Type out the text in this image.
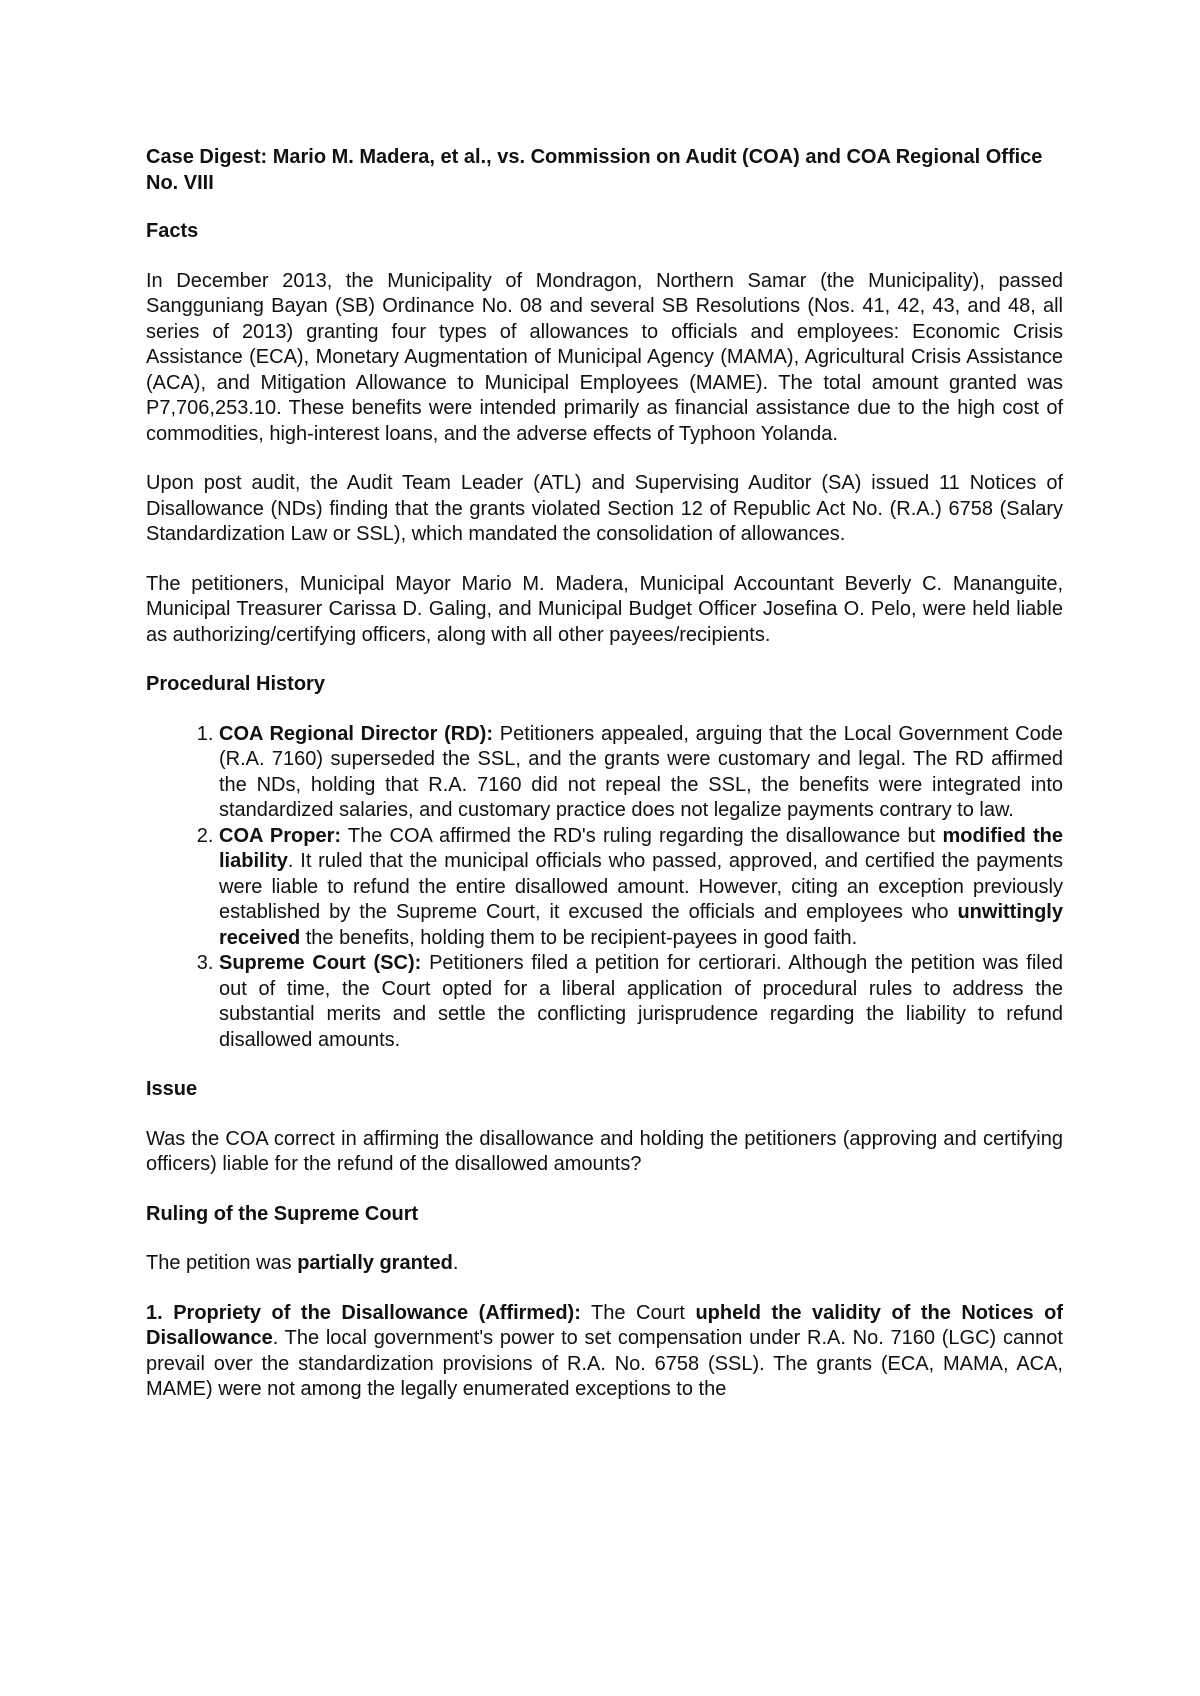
Case Digest: Mario M. Madera, et al., vs. Commission on Audit (COA) and COA Regional Office No. VIII
Facts

In December 2013, the Municipality of Mondragon, Northern Samar (the Municipality), passed Sangguniang Bayan (SB) Ordinance No. 08 and several SB Resolutions (Nos. 41, 42, 43, and 48, all series of 2013) granting four types of allowances to officials and employees: Economic Crisis Assistance (ECA), Monetary Augmentation of Municipal Agency (MAMA), Agricultural Crisis Assistance (ACA), and Mitigation Allowance to Municipal Employees (MAME). The total amount granted was P7,706,253.10. These benefits were intended primarily as financial assistance due to the high cost of commodities, high-interest loans, and the adverse effects of Typhoon Yolanda.

Upon post audit, the Audit Team Leader (ATL) and Supervising Auditor (SA) issued 11 Notices of Disallowance (NDs) finding that the grants violated Section 12 of Republic Act No. (R.A.) 6758 (Salary Standardization Law or SSL), which mandated the consolidation of allowances.

The petitioners, Municipal Mayor Mario M. Madera, Municipal Accountant Beverly C. Mananguite, Municipal Treasurer Carissa D. Galing, and Municipal Budget Officer Josefina O. Pelo, were held liable as authorizing/certifying officers, along with all other payees/recipients.

Procedural History
1. COA Regional Director (RD): Petitioners appealed, arguing that the Local Government Code (R.A. 7160) superseded the SSL, and the grants were customary and legal. The RD affirmed the NDs, holding that R.A. 7160 did not repeal the SSL, the benefits were integrated into standardized salaries, and customary practice does not legalize payments contrary to law.
2. COA Proper: The COA affirmed the RD's ruling regarding the disallowance but modified the liability. It ruled that the municipal officials who passed, approved, and certified the payments were liable to refund the entire disallowed amount. However, citing an exception previously established by the Supreme Court, it excused the officials and employees who unwittingly received the benefits, holding them to be recipient-payees in good faith.
3. Supreme Court (SC): Petitioners filed a petition for certiorari. Although the petition was filed out of time, the Court opted for a liberal application of procedural rules to address the substantial merits and settle the conflicting jurisprudence regarding the liability to refund disallowed amounts.
Issue

Was the COA correct in affirming the disallowance and holding the petitioners (approving and certifying officers) liable for the refund of the disallowed amounts?

Ruling of the Supreme Court

The petition was partially granted.

1. Propriety of the Disallowance (Affirmed): The Court upheld the validity of the Notices of Disallowance. The local government's power to set compensation under R.A. No. 7160 (LGC) cannot prevail over the standardization provisions of R.A. No. 6758 (SSL). The grants (ECA, MAMA, ACA, MAME) were not among the legally enumerated exceptions to the
